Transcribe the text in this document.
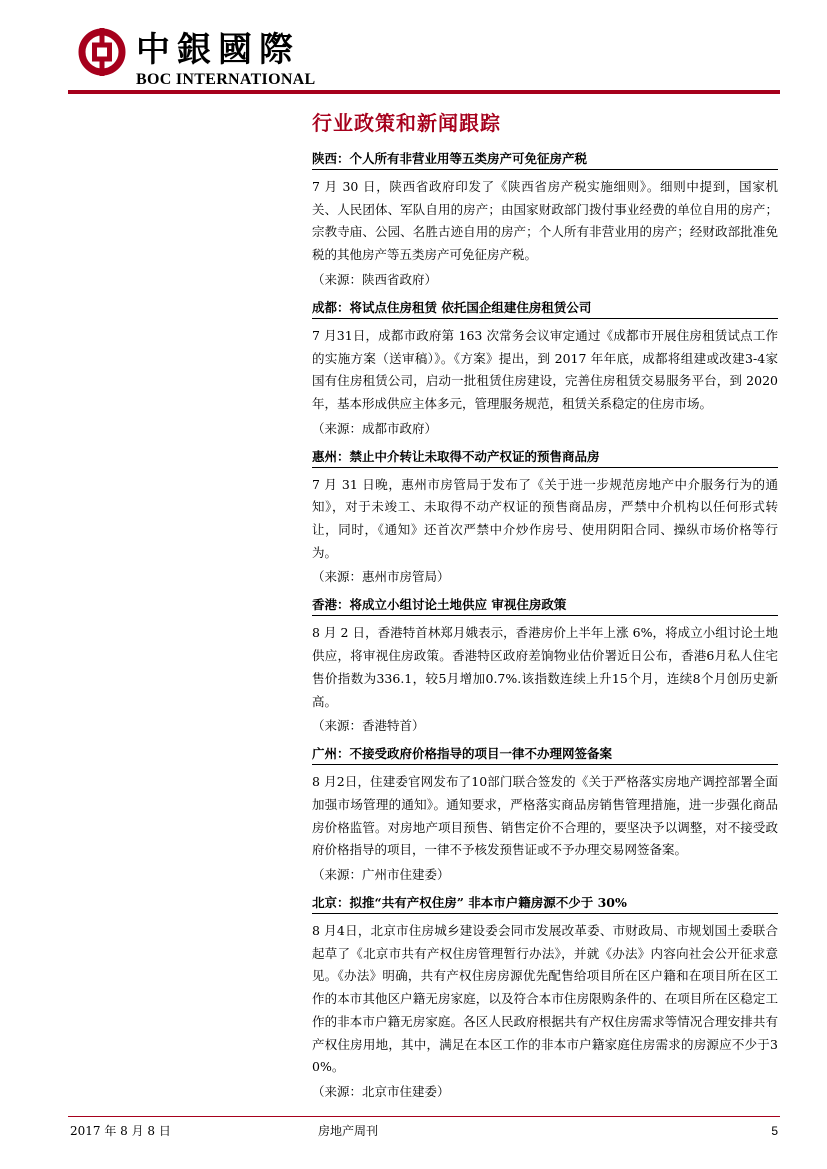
中銀國際
BOC INTERNATIONAL
行业政策和新闻跟踪
陕西：个人所有非营业用等五类房产可免征房产税

7 月 30 日，陕西省政府印发了《陕西省房产税实施细则》。细则中提到，国家机关、人民团体、军队自用的房产；由国家财政部门拨付事业经费的单位自用的房产；宗教寺庙、公园、名胜古迹自用的房产；个人所有非营业用的房产；经财政部批准免税的其他房产等五类房产可免征房产税。

（来源：陕西省政府）
成都：将试点住房租赁 依托国企组建住房租赁公司

7 月31日，成都市政府第 163 次常务会议审定通过《成都市开展住房租赁试点工作的实施方案（送审稿）》。《方案》提出，到 2017 年年底，成都将组建或改建3-4家国有住房租赁公司，启动一批租赁住房建设，完善住房租赁交易服务平台，到 2020 年，基本形成供应主体多元，管理服务规范，租赁关系稳定的住房市场。

（来源：成都市政府）
惠州：禁止中介转让未取得不动产权证的预售商品房

7 月 31 日晚，惠州市房管局于发布了《关于进一步规范房地产中介服务行为的通知》，对于未竣工、未取得不动产权证的预售商品房，严禁中介机构以任何形式转让，同时，《通知》还首次严禁中介炒作房号、使用阴阳合同、操纵市场价格等行为。

（来源：惠州市房管局）
香港：将成立小组讨论土地供应 审视住房政策

8 月 2 日，香港特首林郑月娥表示，香港房价上半年上涨 6%，将成立小组讨论土地供应，将审视住房政策。香港特区政府差饷物业估价署近日公布，香港6月私人住宅售价指数为336.1，较5月增加0.7%.该指数连续上升15个月，连续8个月创历史新高。

（来源：香港特首）
广州：不接受政府价格指导的项目一律不办理网签备案

8 月2日，住建委官网发布了10部门联合签发的《关于严格落实房地产调控部署全面加强市场管理的通知》。通知要求，严格落实商品房销售管理措施，进一步强化商品房价格监管。对房地产项目预售、销售定价不合理的，要坚决予以调整，对不接受政府价格指导的项目，一律不予核发预售证或不予办理交易网签备案。

（来源：广州市住建委）
北京：拟推“共有产权住房” 非本市户籍房源不少于 30%

8 月4日，北京市住房城乡建设委会同市发展改革委、市财政局、市规划国土委联合起草了《北京市共有产权住房管理暂行办法》，并就《办法》内容向社会公开征求意见。《办法》明确，共有产权住房房源优先配售给项目所在区户籍和在项目所在区工作的本市其他区户籍无房家庭，以及符合本市住房限购条件的、在项目所在区稳定工作的非本市户籍无房家庭。各区人民政府根据共有产权住房需求等情况合理安排共有产权住房用地，其中，满足在本区工作的非本市户籍家庭住房需求的房源应不少于30%。

（来源：北京市住建委）
2017 年 8 月 8 日	房地产周刊	5
